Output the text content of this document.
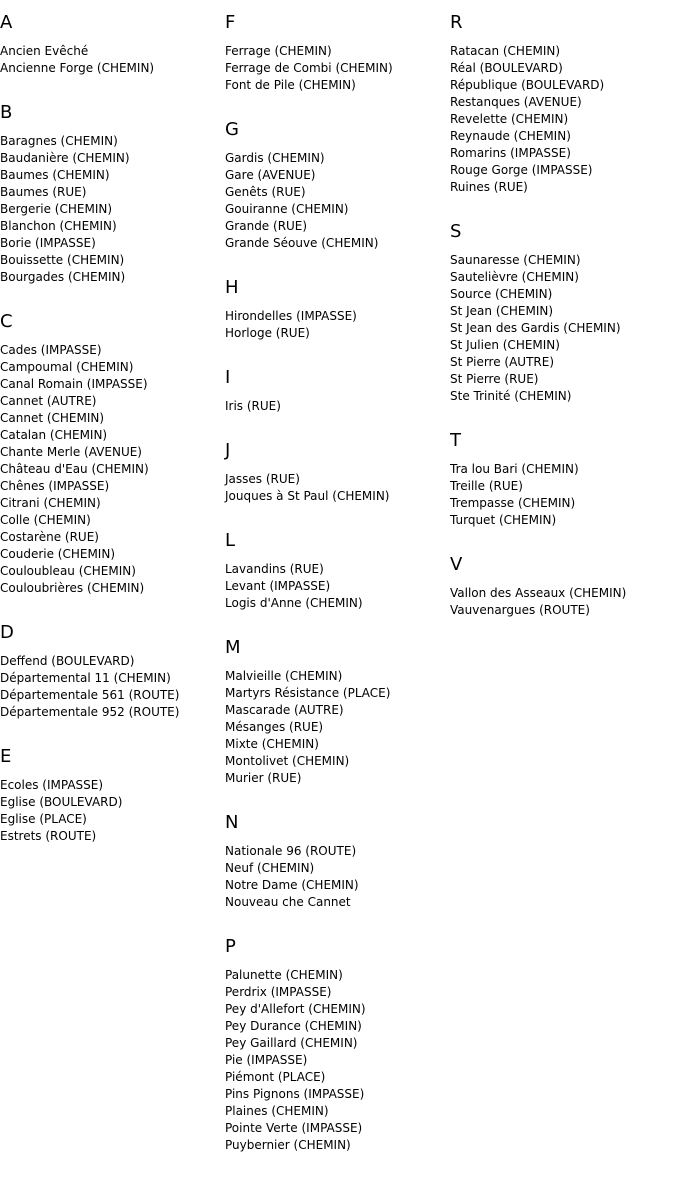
A
Ancien Evêché
Ancienne Forge (CHEMIN)
B
Baragnes (CHEMIN)
Baudanière (CHEMIN)
Baumes (CHEMIN)
Baumes (RUE)
Bergerie (CHEMIN)
Blanchon (CHEMIN)
Borie (IMPASSE)
Bouissette (CHEMIN)
Bourgades (CHEMIN)
C
Cades (IMPASSE)
Campoumal (CHEMIN)
Canal Romain (IMPASSE)
Cannet (AUTRE)
Cannet (CHEMIN)
Catalan (CHEMIN)
Chante Merle (AVENUE)
Château d'Eau (CHEMIN)
Chênes (IMPASSE)
Citrani (CHEMIN)
Colle (CHEMIN)
Costarène (RUE)
Couderie (CHEMIN)
Couloubleau (CHEMIN)
Couloubrières (CHEMIN)
D
Deffend (BOULEVARD)
Départemental 11 (CHEMIN)
Départementale 561 (ROUTE)
Départementale 952 (ROUTE)
E
Ecoles (IMPASSE)
Eglise (BOULEVARD)
Eglise (PLACE)
Estrets (ROUTE)
F
Ferrage (CHEMIN)
Ferrage de Combi (CHEMIN)
Font de Pile (CHEMIN)
G
Gardis (CHEMIN)
Gare (AVENUE)
Genêts (RUE)
Gouiranne (CHEMIN)
Grande (RUE)
Grande Séouve (CHEMIN)
H
Hirondelles (IMPASSE)
Horloge (RUE)
I
Iris (RUE)
J
Jasses (RUE)
Jouques à St Paul (CHEMIN)
L
Lavandins (RUE)
Levant (IMPASSE)
Logis d'Anne (CHEMIN)
M
Malvieille (CHEMIN)
Martyrs Résistance (PLACE)
Mascarade (AUTRE)
Mésanges (RUE)
Mixte (CHEMIN)
Montolivet (CHEMIN)
Murier (RUE)
N
Nationale 96 (ROUTE)
Neuf (CHEMIN)
Notre Dame (CHEMIN)
Nouveau che Cannet
P
Palunette (CHEMIN)
Perdrix (IMPASSE)
Pey d'Allefort (CHEMIN)
Pey Durance (CHEMIN)
Pey Gaillard (CHEMIN)
Pie (IMPASSE)
Piémont (PLACE)
Pins Pignons (IMPASSE)
Plaines (CHEMIN)
Pointe Verte (IMPASSE)
Puybernier (CHEMIN)
R
Ratacan (CHEMIN)
Réal (BOULEVARD)
République (BOULEVARD)
Restanques (AVENUE)
Revelette (CHEMIN)
Reynaude (CHEMIN)
Romarins (IMPASSE)
Rouge Gorge (IMPASSE)
Ruines (RUE)
S
Saunaresse (CHEMIN)
Sautelièvre (CHEMIN)
Source (CHEMIN)
St Jean (CHEMIN)
St Jean des Gardis (CHEMIN)
St Julien (CHEMIN)
St Pierre (AUTRE)
St Pierre (RUE)
Ste Trinité (CHEMIN)
T
Tra lou Bari (CHEMIN)
Treille (RUE)
Trempasse (CHEMIN)
Turquet (CHEMIN)
V
Vallon des Asseaux (CHEMIN)
Vauvenargues (ROUTE)
